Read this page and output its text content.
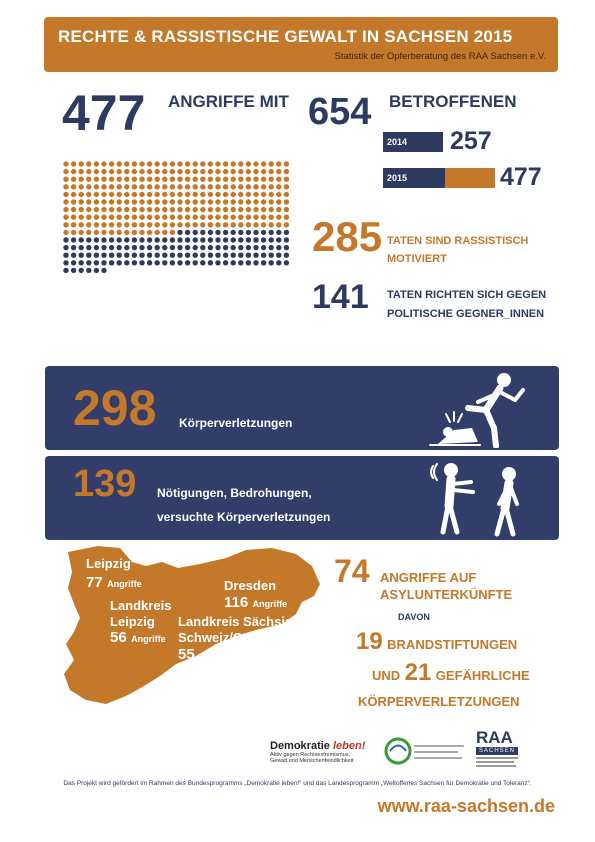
RECHTE & RASSISTISCHE GEWALT IN SACHSEN 2015
Statistik der Opferberatung des RAA Sachsen e.V.
477 ANGRIFFE MIT 654 BETROFFENEN
2014	257
2015	477
285 TATEN SIND RASSISTISCH
MOTIVIERT
141 TATEN RICHTEN SICH GEGEN
POLITISCHE GEGNER_INNEN
298 Körperverletzungen
139 Nötigungen, Bedrohungen,
versuchte Körperverletzungen
Leipzig
77 Angriffe
Landkreis
Leipzig
56 Angriffe
Dresden
116 Angriffe
Landkreis Sächsische
Schweiz/Osterzgebirge
55 Angriffe
74 ANGRIFFE AUF
ASYLUNTERKÜNFTE
DAVON
19 BRANDSTIFTUNGEN
UND 21 GEFÄHRLICHE
KÖRPERVERLETZUNGEN
Demokratie leben!
Aktiv gegen Rechtsextremismus,
Gewalt und Menschenfeindlichkeit
RAA
SACHSEN
Das Projekt wird gefördert im Rahmen des Bundesprogramms „Demokratie leben!“ und das Landesprogramm „Weltoffenes Sachsen für Demokratie und Toleranz“.
www.raa-sachsen.de
